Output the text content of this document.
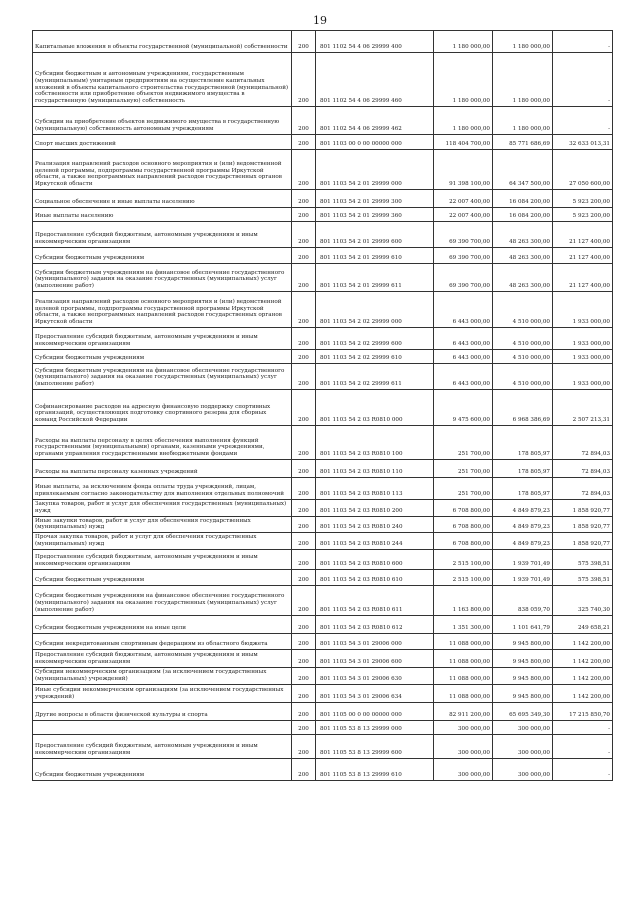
19
Капитальные вложения в объекты государственной (муниципальной) собственности	200	801 1102 54 4 06 29999 400	1 180 000,00	1 180 000,00	-
Субсидии бюджетным и автономным учреждениям, государственным (муниципальным) унитарным предприятиям на осуществление капитальных вложений в объекты капитального строительства государственной (муниципальной) собственности или приобретение объектов недвижимого имущества в государственную (муниципальную) собственность	200	801 1102 54 4 06 29999 460	1 180 000,00	1 180 000,00	-
Субсидии на приобретение объектов недвижимого имущества в государственную (муниципальную) собственность автономным учреждениям	200	801 1102 54 4 06 29999 462	1 180 000,00	1 180 000,00	-
Спорт высших достижений	200	801 1103 00 0 00 00000 000	118 404 700,00	85 771 686,69	32 633 013,31
Реализация направлений расходов основного мероприятия и (или) ведомственной целевой программы, подпрограммы государственной программы Иркутской области, а также непрограммных направлений расходов государственных органов Иркутской области	200	801 1103 54 2 01 29999 000	91 398 100,00	64 347 500,00	27 050 600,00
Социальное обеспечение и иные выплаты населению	200	801 1103 54 2 01 29999 300	22 007 400,00	16 084 200,00	5 923 200,00
Иные выплаты населению	200	801 1103 54 2 01 29999 360	22 007 400,00	16 084 200,00	5 923 200,00
Предоставление субсидий бюджетным, автономным учреждениям и иным некоммерческим организациям	200	801 1103 54 2 01 29999 600	69 390 700,00	48 263 300,00	21 127 400,00
Субсидии бюджетным учреждениям	200	801 1103 54 2 01 29999 610	69 390 700,00	48 263 300,00	21 127 400,00
Субсидии бюджетным учреждениям на финансовое обеспечение государственного (муниципального) задания на оказание государственных (муниципальных) услуг (выполнение работ)	200	801 1103 54 2 01 29999 611	69 390 700,00	48 263 300,00	21 127 400,00
Реализация направлений расходов основного мероприятия и (или) ведомственной целевой программы, подпрограммы государственной программы Иркутской области, а также непрограммных направлений расходов государственных органов Иркутской области	200	801 1103 54 2 02 29999 000	6 443 000,00	4 510 000,00	1 933 000,00
Предоставление субсидий бюджетным, автономным учреждениям и иным некоммерческим организациям	200	801 1103 54 2 02 29999 600	6 443 000,00	4 510 000,00	1 933 000,00
Субсидии бюджетным учреждениям	200	801 1103 54 2 02 29999 610	6 443 000,00	4 510 000,00	1 933 000,00
Субсидии бюджетным учреждениям на финансовое обеспечение государственного (муниципального) задания на оказание государственных (муниципальных) услуг (выполнение работ)	200	801 1103 54 2 02 29999 611	6 443 000,00	4 510 000,00	1 933 000,00
Софинансирование расходов на адресную финансовую поддержку спортивных организаций, осуществляющих подготовку спортивного резерва для сборных команд Российской Федерации	200	801 1103 54 2 03 R0810 000	9 475 600,00	6 968 386,69	2 507 213,31
Расходы на выплаты персоналу в целях обеспечения выполнения функций государственными (муниципальными) органами, казенными учреждениями, органами управления государственными внебюджетными фондами	200	801 1103 54 2 03 R0810 100	251 700,00	178 805,97	72 894,03
Расходы на выплаты персоналу казенных учреждений	200	801 1103 54 2 03 R0810 110	251 700,00	178 805,97	72 894,03
Иные выплаты, за исключением фонда оплаты труда учреждений, лицам, привлекаемым согласно законодательству для выполнения отдельных полномочий	200	801 1103 54 2 03 R0810 113	251 700,00	178 805,97	72 894,03
Закупка товаров, работ и услуг для обеспечения государственных (муниципальных) нужд	200	801 1103 54 2 03 R0810 200	6 708 800,00	4 849 879,23	1 858 920,77
Иные закупки товаров, работ и услуг для обеспечения государственных (муниципальных) нужд	200	801 1103 54 2 03 R0810 240	6 708 800,00	4 849 879,23	1 858 920,77
Прочая закупка товаров, работ и услуг для обеспечения государственных (муниципальных) нужд	200	801 1103 54 2 03 R0810 244	6 708 800,00	4 849 879,23	1 858 920,77
Предоставление субсидий бюджетным, автономным учреждениям и иным некоммерческим организациям	200	801 1103 54 2 03 R0810 600	2 515 100,00	1 939 701,49	575 398,51
Субсидии бюджетным учреждениям	200	801 1103 54 2 03 R0810 610	2 515 100,00	1 939 701,49	575 398,51
Субсидии бюджетным учреждениям на финансовое обеспечение государственного (муниципального) задания на оказание государственных (муниципальных) услуг (выполнение работ)	200	801 1103 54 2 03 R0810 611	1 163 800,00	838 059,70	325 740,30
Субсидии бюджетным учреждениям на иные цели	200	801 1103 54 2 03 R0810 612	1 351 300,00	1 101 641,79	249 658,21
Субсидии некредитованным спортивным федерациям из областного бюджета	200	801 1103 54 3 01 29006 000	11 088 000,00	9 945 800,00	1 142 200,00
Предоставление субсидий бюджетным, автономным учреждениям и иным некоммерческим организациям	200	801 1103 54 3 01 29006 600	11 088 000,00	9 945 800,00	1 142 200,00
Субсидии некоммерческим организациям (за исключением государственных (муниципальных) учреждений)	200	801 1103 54 3 01 29006 630	11 088 000,00	9 945 800,00	1 142 200,00
Иные субсидии некоммерческим организациям (за исключением государственных учреждений)	200	801 1103 54 3 01 29006 634	11 088 000,00	9 945 800,00	1 142 200,00
Другие вопросы в области физической культуры и спорта	200	801 1105 00 0 00 00000 000	82 911 200,00	65 695 349,30	17 215 850,70
	200	801 1105 53 8 13 29999 000	300 000,00	300 000,00	-
Предоставление субсидий бюджетным, автономным учреждениям и иным некоммерческим организациям	200	801 1105 53 8 13 29999 600	300 000,00	300 000,00	-
Субсидии бюджетным учреждениям	200	801 1105 53 8 13 29999 610	300 000,00	300 000,00	-
